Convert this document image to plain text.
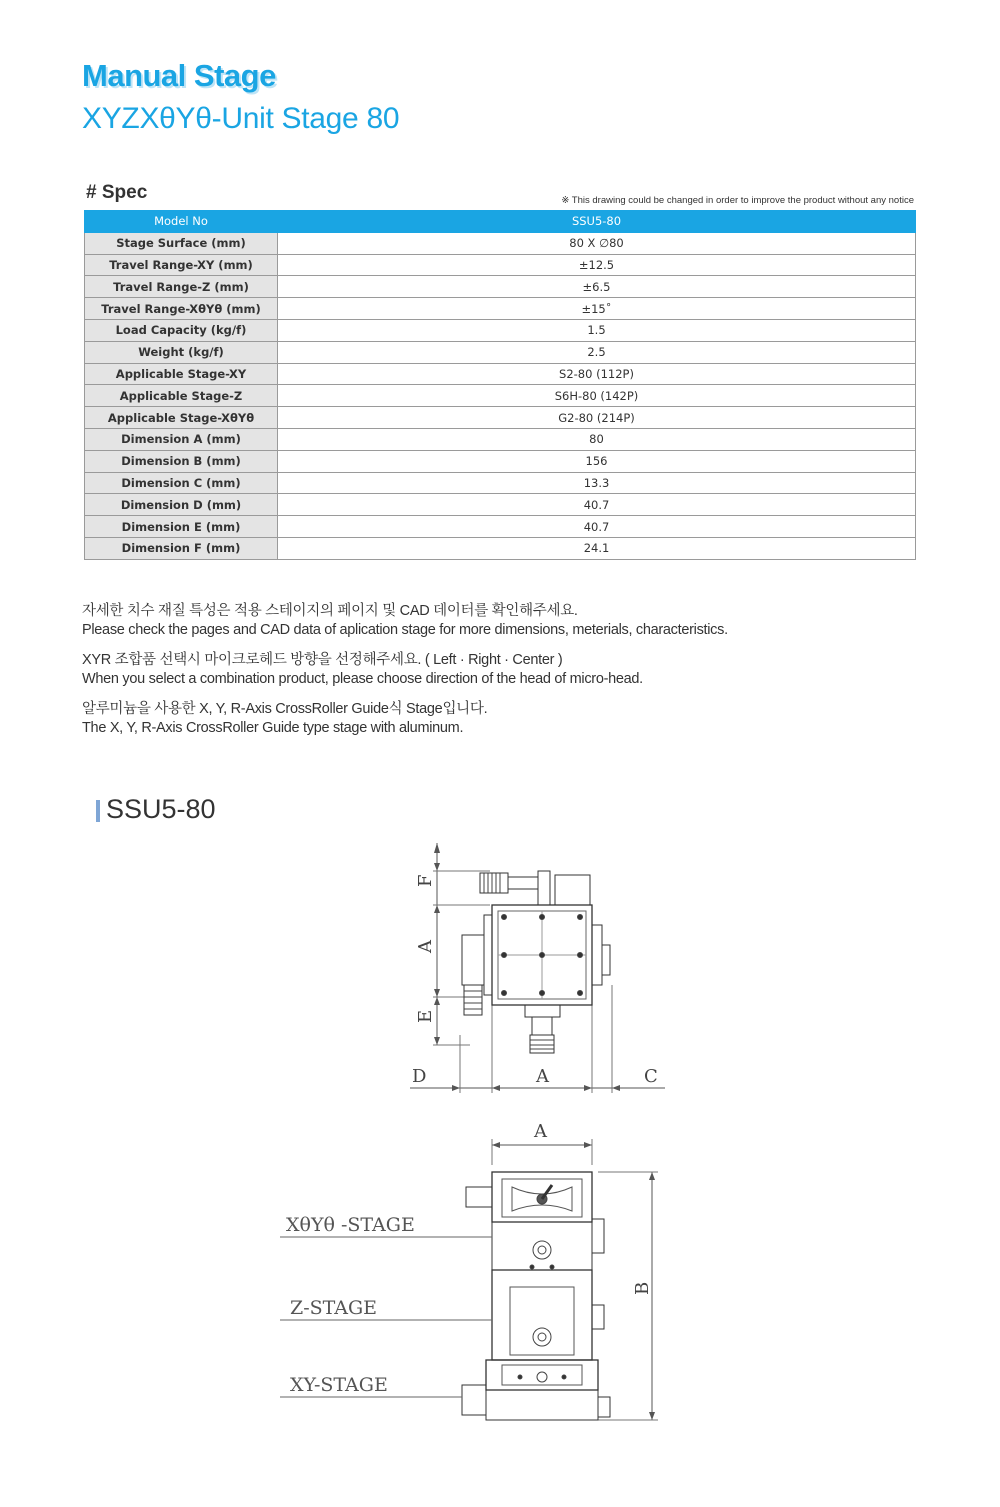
Manual Stage
XYZXθYθ-Unit Stage 80
# Spec	※ This drawing could be changed in order to improve the product without any notice
Model No	SSU5-80
Stage Surface (mm)	80 X ∅80
Travel Range-XY (mm)	±12.5
Travel Range-Z (mm)	±6.5
Travel Range-XθYθ (mm)	±15˚
Load Capacity (kg/f)	1.5
Weight (kg/f)	2.5
Applicable Stage-XY	S2-80 (112P)
Applicable Stage-Z	S6H-80 (142P)
Applicable Stage-XθYθ	G2-80 (214P)
Dimension A (mm)	80
Dimension B (mm)	156
Dimension C (mm)	13.3
Dimension D (mm)	40.7
Dimension E (mm)	40.7
Dimension F (mm)	24.1

자세한 치수 재질 특성은 적용 스테이지의 페이지 및 CAD 데이터를 확인해주세요.
Please check the pages and CAD data of aplication stage for more dimensions, meterials, characteristics.

XYR 조합품 선택시 마이크로헤드 방향을 선정해주세요. ( Left · Right · Center )
When you select a combination product, please choose direction of the head of micro-head.

알루미늄을 사용한 X, Y, R-Axis CrossRoller Guide식 Stage입니다.
The X, Y, R-Axis CrossRoller Guide type stage with aluminum.

SSU5-80
F
A
E
D	A	C
A
B
XθYθ -STAGE
Z-STAGE
XY-STAGE
